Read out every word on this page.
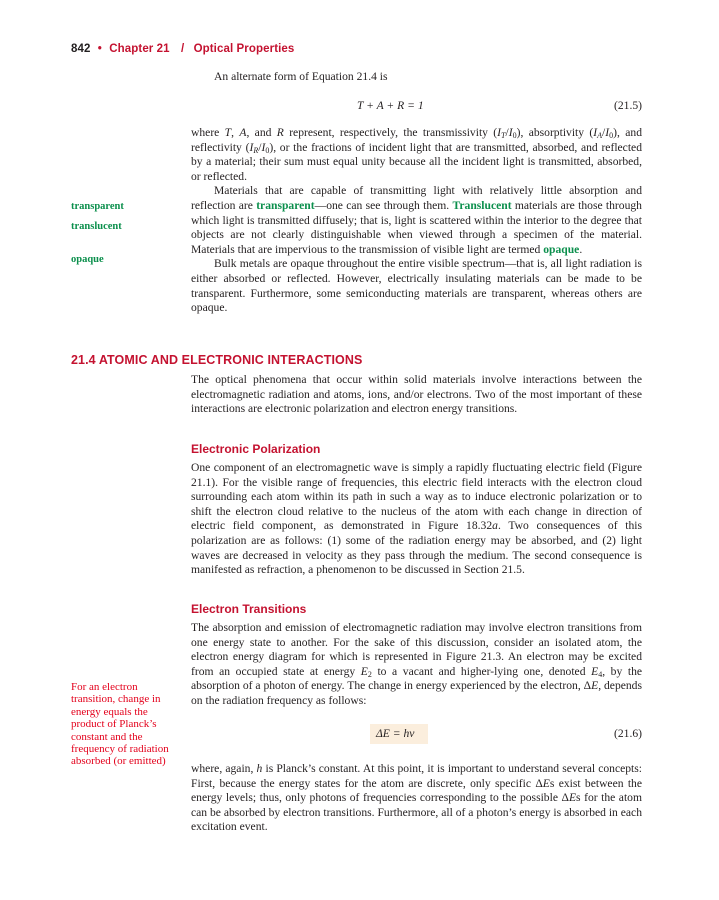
842 • Chapter 21 / Optical Properties

An alternate form of Equation 21.4 is

T + A + R = 1	(21.5)

where T, A, and R represent, respectively, the transmissivity $(I_T/I_0)$, absorptivity $(I_A/I_0)$, and reflectivity $(I_R/I_0)$, or the fractions of incident light that are transmitted, absorbed, and reflected by a material; their sum must equal unity because all the incident light is transmitted, absorbed, or reflected.

Materials that are capable of transmitting light with relatively little absorption and reflection are transparent—one can see through them. Translucent materials are those through which light is transmitted diffusely; that is, light is scattered within the interior to the degree that objects are not clearly distinguishable when viewed through a specimen of the material. Materials that are impervious to the transmission of visible light are termed opaque.

Bulk metals are opaque throughout the entire visible spectrum—that is, all light radiation is either absorbed or reflected. However, electrically insulating materials can be made to be transparent. Furthermore, some semiconducting materials are transparent, whereas others are opaque.

transparent
translucent
opaque
21.4 ATOMIC AND ELECTRONIC INTERACTIONS

The optical phenomena that occur within solid materials involve interactions between the electromagnetic radiation and atoms, ions, and/or electrons. Two of the most important of these interactions are electronic polarization and electron energy transitions.

Electronic Polarization

One component of an electromagnetic wave is simply a rapidly fluctuating electric field (Figure 21.1). For the visible range of frequencies, this electric field interacts with the electron cloud surrounding each atom within its path in such a way as to induce electronic polarization or to shift the electron cloud relative to the nucleus of the atom with each change in direction of electric field component, as demonstrated in Figure 18.32a. Two consequences of this polarization are as follows: (1) some of the radiation energy may be absorbed, and (2) light waves are decreased in velocity as they pass through the medium. The second consequence is manifested as refraction, a phenomenon to be discussed in Section 21.5.

Electron Transitions

The absorption and emission of electromagnetic radiation may involve electron transitions from one energy state to another. For the sake of this discussion, consider an isolated atom, the electron energy diagram for which is represented in Figure 21.3. An electron may be excited from an occupied state at energy $E_2$ to a vacant and higher-lying one, denoted $E_4$, by the absorption of a photon of energy. The change in energy experienced by the electron, ΔE, depends on the radiation frequency as follows:

For an electron transition, change in energy equals the product of Planck’s constant and the frequency of radiation absorbed (or emitted)
ΔE = hν	(21.6)

where, again, h is Planck’s constant. At this point, it is important to understand several concepts: First, because the energy states for the atom are discrete, only specific ΔEs exist between the energy levels; thus, only photons of frequencies corresponding to the possible ΔEs for the atom can be absorbed by electron transitions. Furthermore, all of a photon’s energy is absorbed in each excitation event.
